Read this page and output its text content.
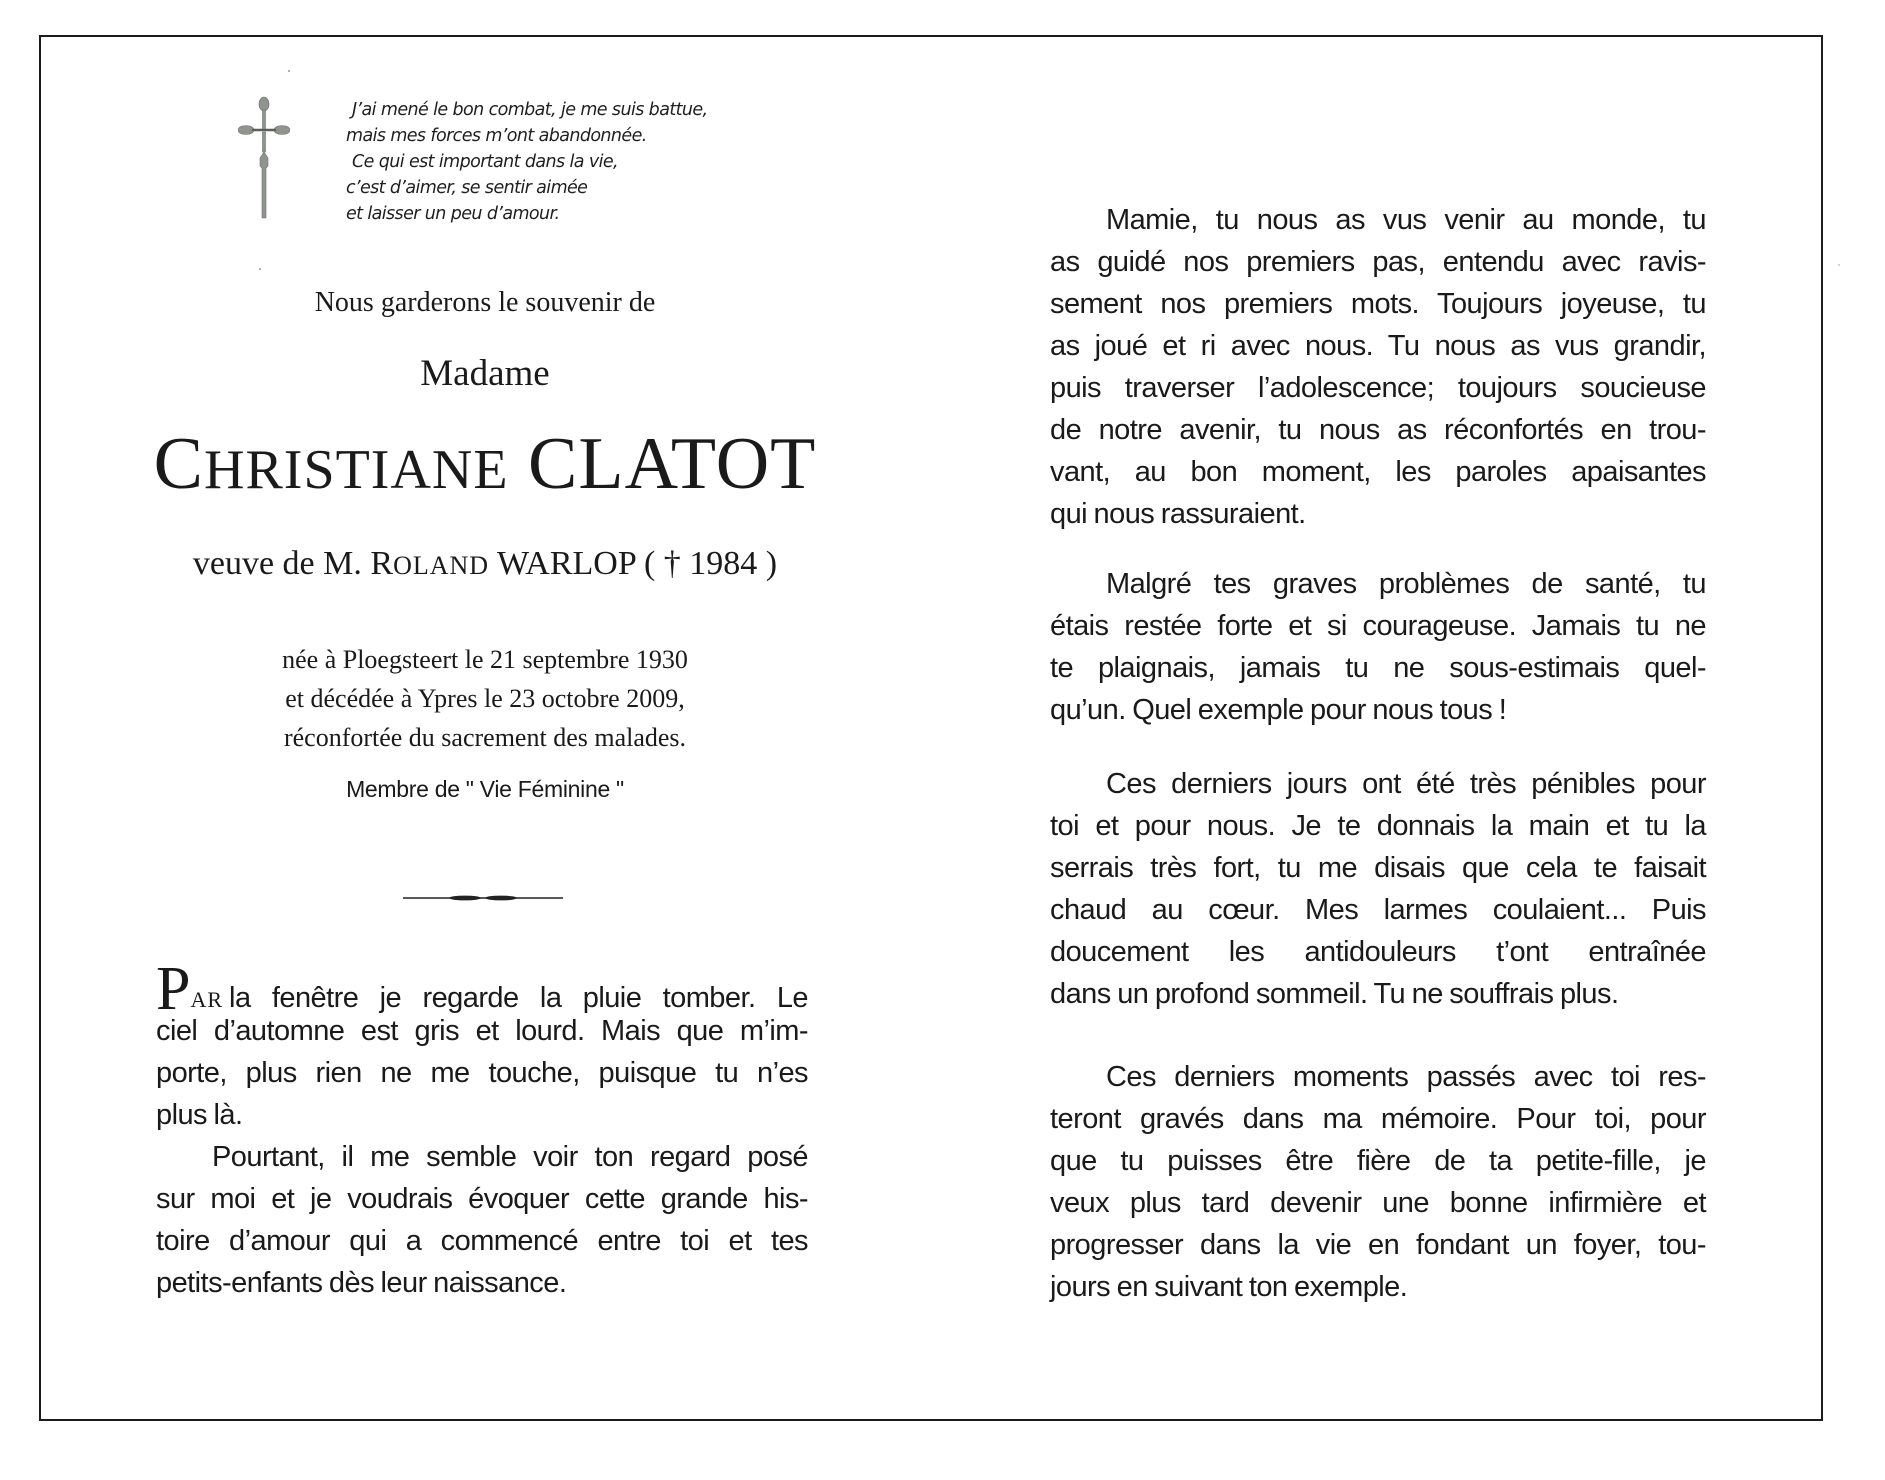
J’ai mené le bon combat, je me suis battue,
mais mes forces m’ont abandonnée.
Ce qui est important dans la vie,
c’est d’aimer, se sentir aimée
et laisser un peu d’amour.
Nous garderons le souvenir de
Madame
CHRISTIANE CLATOT
veuve de M. ROLAND WARLOP ( † 1984 )
née à Ploegsteert le 21 septembre 1930
et décédée à Ypres le 23 octobre 2009,
réconfortée du sacrement des malades.
Membre de " Vie Féminine "
PAR la fenêtre je regarde la pluie tomber. Le
ciel d’automne est gris et lourd. Mais que m’im-
porte, plus rien ne me touche, puisque tu n’es
plus là.
Pourtant, il me semble voir ton regard posé
sur moi et je voudrais évoquer cette grande his-
toire d’amour qui a commencé entre toi et tes
petits-enfants dès leur naissance.
Mamie, tu nous as vus venir au monde, tu
as guidé nos premiers pas, entendu avec ravis-
sement nos premiers mots. Toujours joyeuse, tu
as joué et ri avec nous. Tu nous as vus grandir,
puis traverser l’adolescence; toujours soucieuse
de notre avenir, tu nous as réconfortés en trou-
vant, au bon moment, les paroles apaisantes
qui nous rassuraient.
Malgré tes graves problèmes de santé, tu
étais restée forte et si courageuse. Jamais tu ne
te plaignais, jamais tu ne sous-estimais quel-
qu’un. Quel exemple pour nous tous !
Ces derniers jours ont été très pénibles pour
toi et pour nous. Je te donnais la main et tu la
serrais très fort, tu me disais que cela te faisait
chaud au cœur. Mes larmes coulaient... Puis
doucement les antidouleurs t’ont entraînée
dans un profond sommeil. Tu ne souffrais plus.
Ces derniers moments passés avec toi res-
teront gravés dans ma mémoire. Pour toi, pour
que tu puisses être fière de ta petite-fille, je
veux plus tard devenir une bonne infirmière et
progresser dans la vie en fondant un foyer, tou-
jours en suivant ton exemple.
